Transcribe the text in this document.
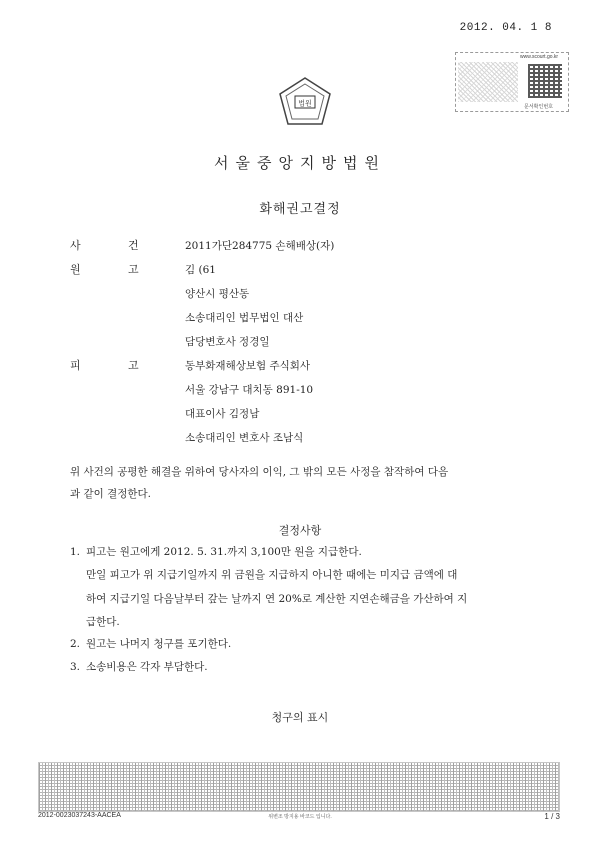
2012. 04. 1 8
www.scourt.go.kr
문서확인번호
법원
서울중앙지방법원
화해권고결정
사	건	2011가단284775 손해배상(자)
원	고	김 (61
양산시 평산동
소송대리인 법무법인 대산
담당변호사 정경일
피	고	동부화재해상보험 주식회사
서울 강남구 대치동 891-10
대표이사 김정남
소송대리인 변호사 조남식
위 사건의 공평한 해결을 위하여 당사자의 이익, 그 밖의 모든 사정을 참작하여 다음
과 같이 결정한다.
결정사항
1. 피고는 원고에게 2012. 5. 31.까지 3,100만 원을 지급한다.
만일 피고가 위 지급기일까지 위 금원을 지급하지 아니한 때에는 미지급 금액에 대
하여 지급기일 다음날부터 갚는 날까지 연 20%로 계산한 지연손해금을 가산하여 지
급한다.
2. 원고는 나머지 청구를 포기한다.
3. 소송비용은 각자 부담한다.
청구의 표시
2012-0023037243-AACEA	위변조 방지용 바코드 입니다.	1 / 3
